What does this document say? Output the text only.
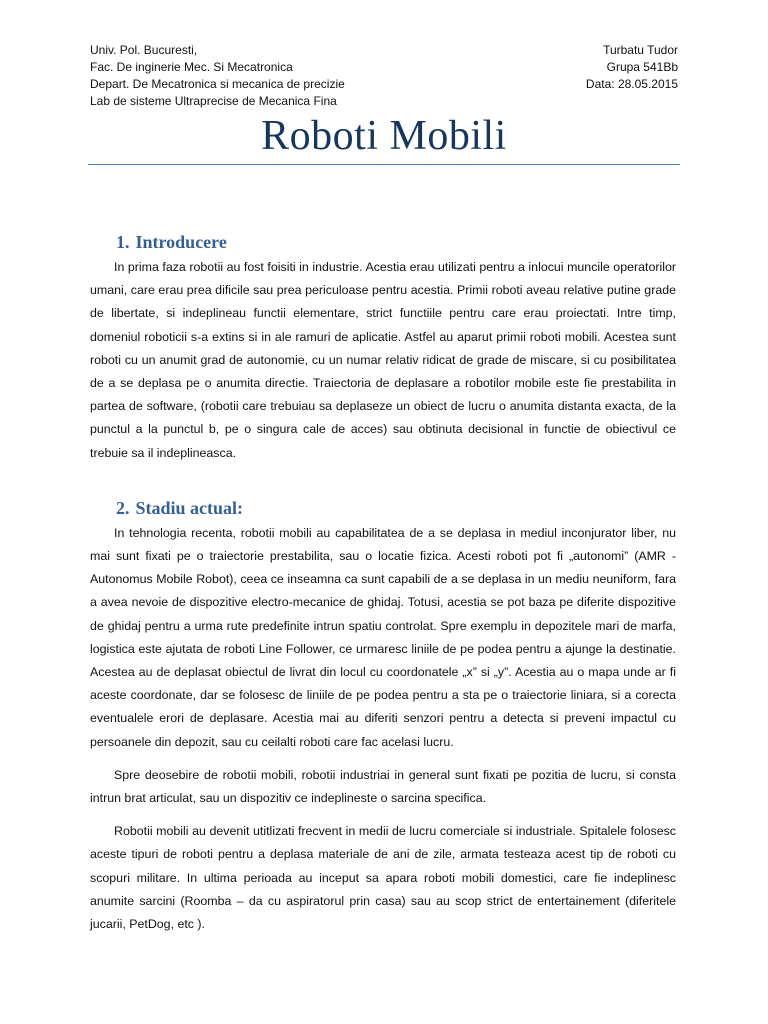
Univ. Pol. Bucuresti,
Fac. De inginerie Mec. Si Mecatronica
Depart. De Mecatronica si mecanica de precizie
Lab de sisteme Ultraprecise de Mecanica Fina
Turbatu Tudor
Grupa 541Bb
Data: 28.05.2015
Roboti Mobili
1. Introducere

In prima faza robotii au fost foisiti in industrie. Acestia erau utilizati pentru a inlocui muncile operatorilor umani, care erau prea dificile sau prea periculoase pentru acestia. Primii roboti aveau relative putine grade de libertate, si indeplineau functii elementare, strict functiile pentru care erau proiectati. Intre timp, domeniul roboticii s-a extins si in ale ramuri de aplicatie. Astfel au aparut primii roboti mobili. Acestea sunt roboti cu un anumit grad de autonomie, cu un numar relativ ridicat de grade de miscare, si cu posibilitatea de a se deplasa pe o anumita directie. Traiectoria de deplasare a robotilor mobile este fie prestabilita in partea de software, (robotii care trebuiau sa deplaseze un obiect de lucru o anumita distanta exacta, de la punctul a la punctul b, pe o singura cale de acces) sau obtinuta decisional in functie de obiectivul ce trebuie sa il indeplineasca.

2. Stadiu actual:

In tehnologia recenta, robotii mobili au capabilitatea de a se deplasa in mediul inconjurator liber, nu mai sunt fixati pe o traiectorie prestabilita, sau o locatie fizica. Acesti roboti pot fi „autonomi” (AMR - Autonomus Mobile Robot), ceea ce inseamna ca sunt capabili de a se deplasa in un mediu neuniform, fara a avea nevoie de dispozitive electro-mecanice de ghidaj. Totusi, acestia se pot baza pe diferite dispozitive de ghidaj pentru a urma rute predefinite intrun spatiu controlat. Spre exemplu in depozitele mari de marfa, logistica este ajutata de roboti Line Follower, ce urmaresc liniile de pe podea pentru a ajunge la destinatie. Acestea au de deplasat obiectul de livrat din locul cu coordonatele „x” si „y”. Acestia au o mapa unde ar fi aceste coordonate, dar se folosesc de liniile de pe podea pentru a sta pe o traiectorie liniara, si a corecta eventualele erori de deplasare. Acestia mai au diferiti senzori pentru a detecta si preveni impactul cu persoanele din depozit, sau cu ceilalti roboti care fac acelasi lucru.

Spre deosebire de robotii mobili, robotii industriai in general sunt fixati pe pozitia de lucru, si consta intrun brat articulat, sau un dispozitiv ce indeplineste o sarcina specifica.

Robotii mobili au devenit utitlizati frecvent in medii de lucru comerciale si industriale. Spitalele folosesc aceste tipuri de roboti pentru a deplasa materiale de ani de zile, armata testeaza acest tip de roboti cu scopuri militare. In ultima perioada au inceput sa apara roboti mobili domestici, care fie indeplinesc anumite sarcini (Roomba – da cu aspiratorul prin casa) sau au scop strict de entertainement (diferitele jucarii, PetDog, etc ).
